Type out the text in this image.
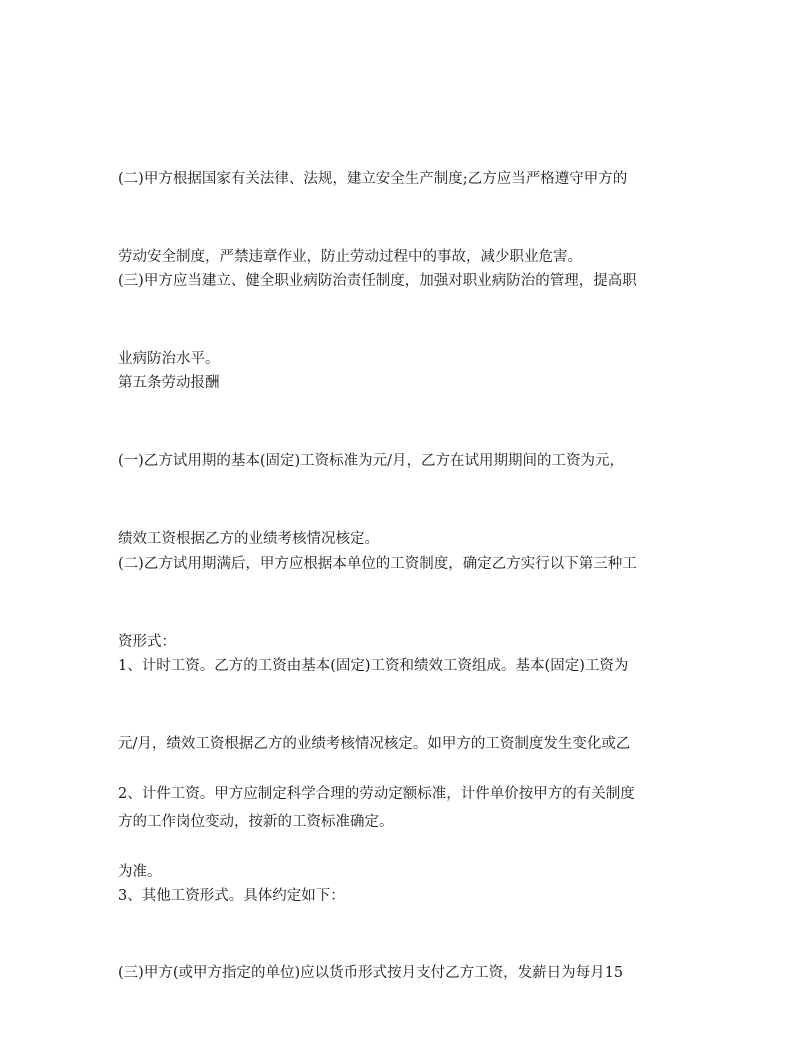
(二)甲方根据国家有关法律、法规，建立安全生产制度;乙方应当严格遵守甲方的

劳动安全制度，严禁违章作业，防止劳动过程中的事故，减少职业危害。

(三)甲方应当建立、健全职业病防治责任制度，加强对职业病防治的管理，提高职

业病防治水平。

第五条劳动报酬

(一)乙方试用期的基本(固定)工资标准为元/月，乙方在试用期期间的工资为元，

绩效工资根据乙方的业绩考核情况核定。

(二)乙方试用期满后，甲方应根据本单位的工资制度，确定乙方实行以下第三种工

资形式：

1、计时工资。乙方的工资由基本(固定)工资和绩效工资组成。基本(固定)工资为

元/月，绩效工资根据乙方的业绩考核情况核定。如甲方的工资制度发生变化或乙

方的工作岗位变动，按新的工资标准确定。

2、计件工资。甲方应制定科学合理的劳动定额标准，计件单价按甲方的有关制度

为准。

3、其他工资形式。具体约定如下：

(三)甲方(或甲方指定的单位)应以货币形式按月支付乙方工资，发薪日为每月15
